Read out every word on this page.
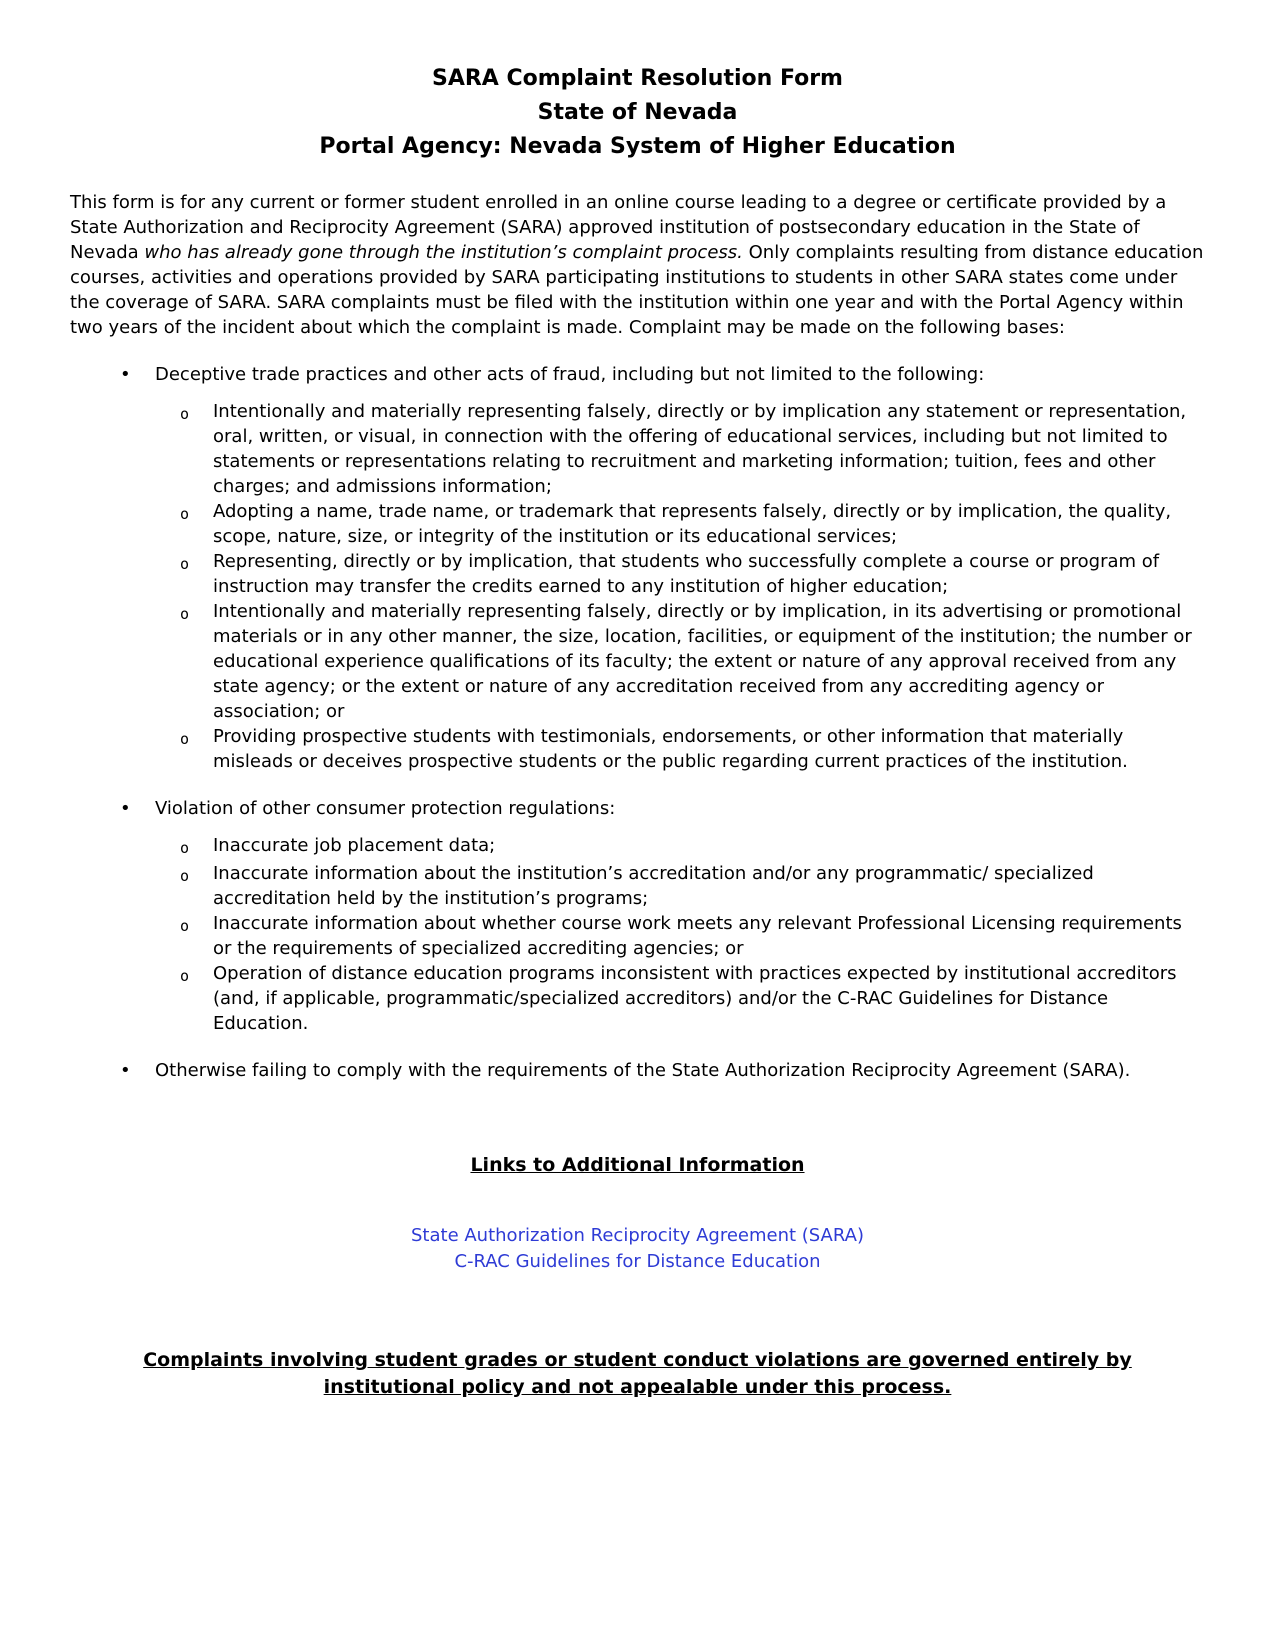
SARA Complaint Resolution Form
State of Nevada
Portal Agency: Nevada System of Higher Education

This form is for any current or former student enrolled in an online course leading to a degree or certificate provided by a State Authorization and Reciprocity Agreement (SARA) approved institution of postsecondary education in the State of Nevada who has already gone through the institution’s complaint process. Only complaints resulting from distance education courses, activities and operations provided by SARA participating institutions to students in other SARA states come under the coverage of SARA. SARA complaints must be filed with the institution within one year and with the Portal Agency within two years of the incident about which the complaint is made. Complaint may be made on the following bases:

•	Deceptive trade practices and other acts of fraud, including but not limited to the following:
o	Intentionally and materially representing falsely, directly or by implication any statement or representation, oral, written, or visual, in connection with the offering of educational services, including but not limited to statements or representations relating to recruitment and marketing information; tuition, fees and other charges; and admissions information;
o	Adopting a name, trade name, or trademark that represents falsely, directly or by implication, the quality, scope, nature, size, or integrity of the institution or its educational services;
o	Representing, directly or by implication, that students who successfully complete a course or program of instruction may transfer the credits earned to any institution of higher education;
o	Intentionally and materially representing falsely, directly or by implication, in its advertising or promotional materials or in any other manner, the size, location, facilities, or equipment of the institution; the number or educational experience qualifications of its faculty; the extent or nature of any approval received from any state agency; or the extent or nature of any accreditation received from any accrediting agency or association; or
o	Providing prospective students with testimonials, endorsements, or other information that materially misleads or deceives prospective students or the public regarding current practices of the institution.
•	Violation of other consumer protection regulations:
o	Inaccurate job placement data;
o	Inaccurate information about the institution’s accreditation and/or any programmatic/ specialized accreditation held by the institution’s programs;
o	Inaccurate information about whether course work meets any relevant Professional Licensing requirements or the requirements of specialized accrediting agencies; or
o	Operation of distance education programs inconsistent with practices expected by institutional accreditors (and, if applicable, programmatic/specialized accreditors) and/or the C-RAC Guidelines for Distance Education.
•	Otherwise failing to comply with the requirements of the State Authorization Reciprocity Agreement (SARA).
Links to Additional Information
State Authorization Reciprocity Agreement (SARA)
C-RAC Guidelines for Distance Education

Complaints involving student grades or student conduct violations are governed entirely by institutional policy and not appealable under this process.
